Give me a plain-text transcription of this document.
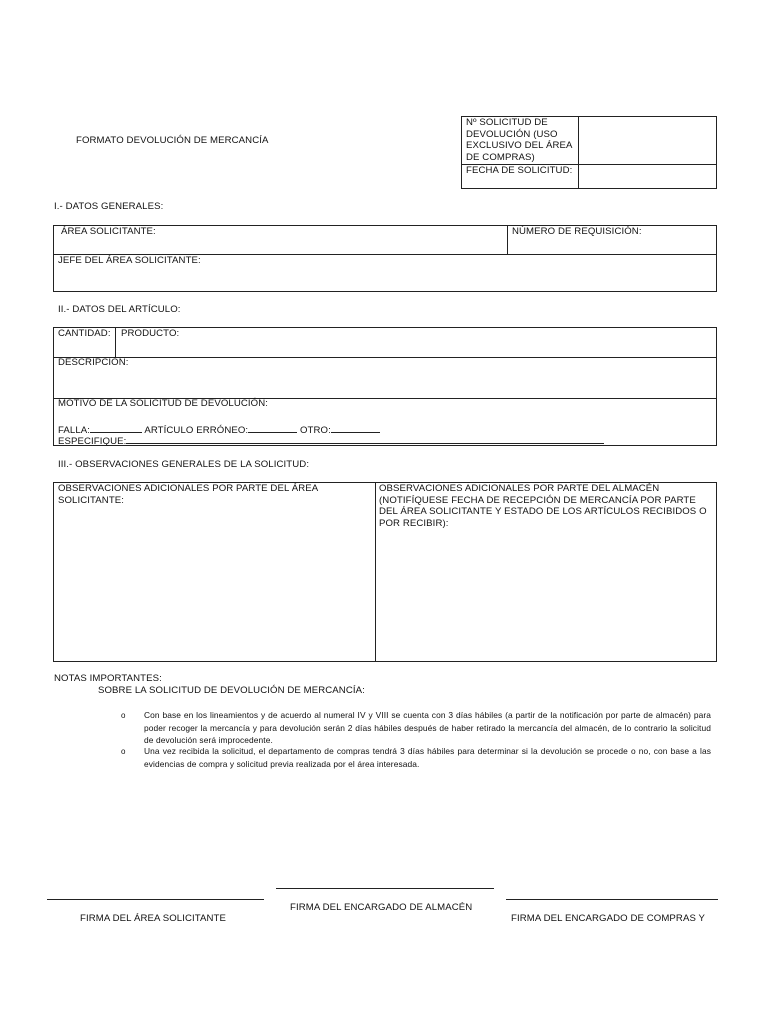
FORMATO DEVOLUCIÓN DE MERCANCÍA
Nº SOLICITUD DE DEVOLUCIÓN (USO EXCLUSIVO DEL ÁREA DE COMPRAS)
FECHA DE SOLICITUD:
I.- DATOS GENERALES:
ÁREA SOLICITANTE:	NÚMERO DE REQUISICIÓN:
JEFE DEL ÁREA SOLICITANTE:
II.- DATOS DEL ARTÍCULO:
CANTIDAD: PRODUCTO:
DESCRIPCIÓN:
MOTIVO DE LA SOLICITUD DE DEVOLUCIÓN:
FALLA:	ARTÍCULO ERRÓNEO:	OTRO:
ESPECIFIQUE:
III.- OBSERVACIONES GENERALES DE LA SOLICITUD:
OBSERVACIONES ADICIONALES POR PARTE DEL ÁREA SOLICITANTE:
OBSERVACIONES ADICIONALES POR PARTE DEL ALMACÉN (NOTIFÍQUESE FECHA DE RECEPCIÓN DE MERCANCÍA POR PARTE DEL ÁREA SOLICITANTE Y ESTADO DE LOS ARTÍCULOS RECIBIDOS O POR RECIBIR):
NOTAS IMPORTANTES:
SOBRE LA SOLICITUD DE DEVOLUCIÓN DE MERCANCÍA:
o Con base en los lineamientos y de acuerdo al numeral IV y VIII se cuenta con 3 días hábiles (a partir de la notificación por parte de almacén) para poder recoger la mercancía y para devolución serán 2 días hábiles después de haber retirado la mercancía del almacén, de lo contrario la solicitud de devolución será improcedente.
o Una vez recibida la solicitud, el departamento de compras tendrá 3 días hábiles para determinar si la devolución se procede o no, con base a las evidencias de compra y solicitud previa realizada por el área interesada.
FIRMA DEL ÁREA SOLICITANTE
FIRMA DEL ENCARGADO DE ALMACÉN
FIRMA DEL ENCARGADO DE COMPRAS Y
